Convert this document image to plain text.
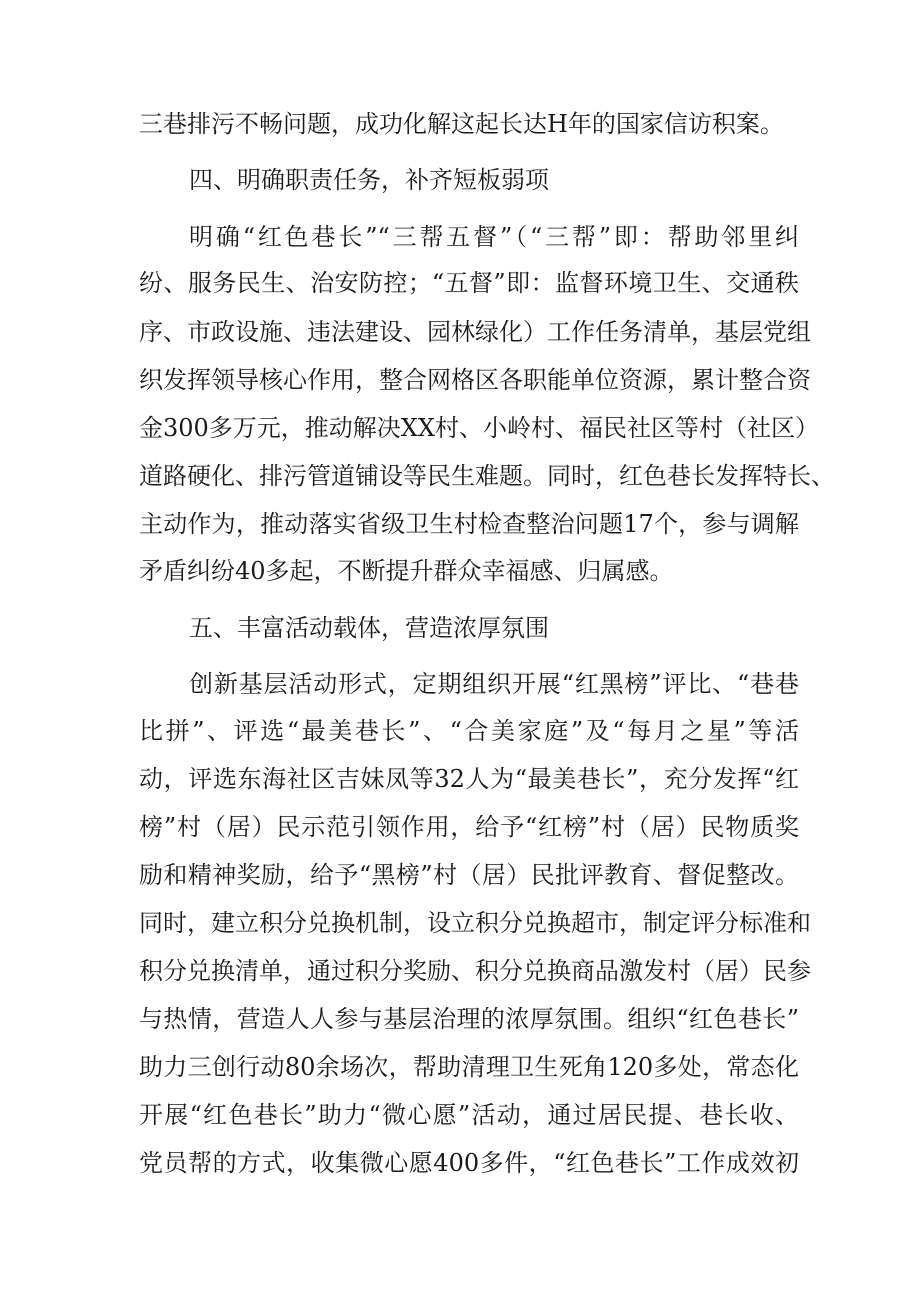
三巷排污不畅问题，成功化解这起长达H年的国家信访积案。
四、明确职责任务，补齐短板弱项
明确“红色巷长”“三帮五督”（“三帮”即：帮助邻里纠
纷、服务民生、治安防控；“五督”即：监督环境卫生、交通秩
序、市政设施、违法建设、园林绿化）工作任务清单，基层党组
织发挥领导核心作用，整合网格区各职能单位资源，累计整合资
金300多万元，推动解决XX村、小岭村、福民社区等村（社区）
道路硬化、排污管道铺设等民生难题。同时，红色巷长发挥特长、
主动作为，推动落实省级卫生村检查整治问题17个，参与调解
矛盾纠纷40多起，不断提升群众幸福感、归属感。
五、丰富活动载体，营造浓厚氛围
创新基层活动形式，定期组织开展“红黑榜”评比、“巷巷
比拼”、评选“最美巷长”、“合美家庭”及“每月之星”等活
动，评选东海社区吉妹凤等32人为“最美巷长”，充分发挥“红
榜”村（居）民示范引领作用，给予“红榜”村（居）民物质奖
励和精神奖励，给予“黑榜”村（居）民批评教育、督促整改。
同时，建立积分兑换机制，设立积分兑换超市，制定评分标准和
积分兑换清单，通过积分奖励、积分兑换商品激发村（居）民参
与热情，营造人人参与基层治理的浓厚氛围。组织“红色巷长”
助力三创行动80余场次，帮助清理卫生死角120多处，常态化
开展“红色巷长”助力“微心愿”活动，通过居民提、巷长收、
党员帮的方式，收集微心愿400多件，“红色巷长”工作成效初
